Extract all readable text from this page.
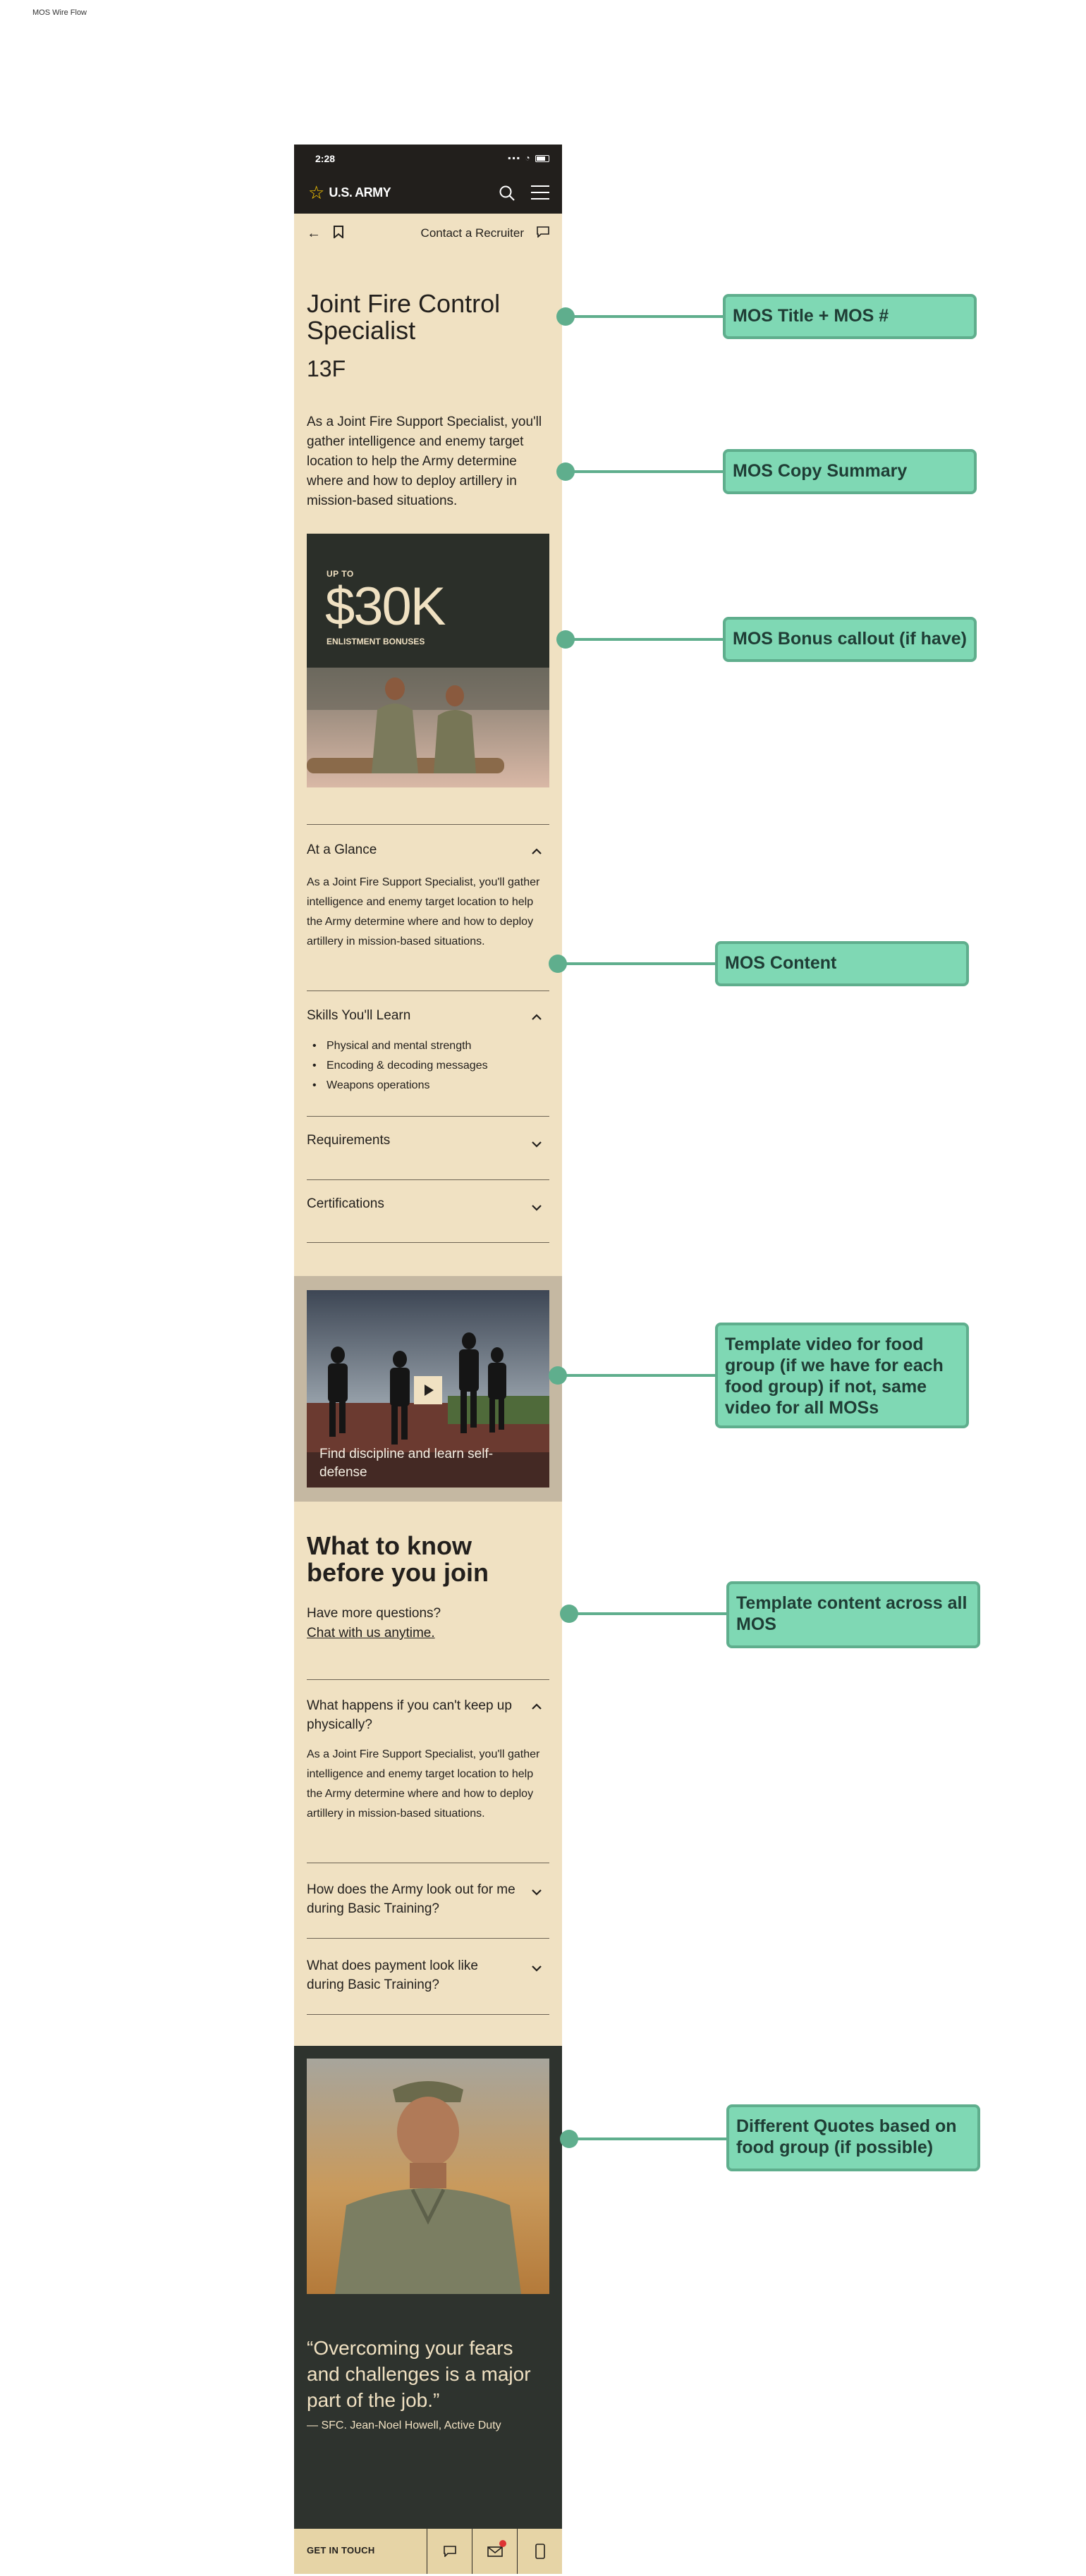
MOS Wire Flow
2:28	▪▪▪ ◔
☆ U.S. ARMY
←	Contact a Recruiter
Joint Fire Control Specialist
13F

As a Joint Fire Support Specialist, you'll gather intelligence and enemy target location to help the Army determine where and how to deploy artillery in mission-based situations.

UP TO
$30K
ENLISTMENT BONUSES
At a Glance

As a Joint Fire Support Specialist, you'll gather intelligence and enemy target location to help the Army determine where and how to deploy artillery in mission-based situations.

Skills You'll Learn
• Physical and mental strength
• Encoding & decoding messages
• Weapons operations
Requirements
Certifications

Find discipline and learn self-defense

What to know before you join

Have more questions?

Chat with us anytime.
What happens if you can't keep up physically?

As a Joint Fire Support Specialist, you'll gather intelligence and enemy target location to help the Army determine where and how to deploy artillery in mission-based situations.

How does the Army look out for me during Basic Training?
What does payment look like during Basic Training?

“Overcoming your fears and challenges is a major part of the job.”

— SFC. Jean-Noel Howell, Active Duty

GET IN TOUCH
MOS Title + MOS #
MOS Copy Summary
MOS Bonus callout (if have)
MOS Content
Template video for food group (if we have for each food group) if not, same video for all MOSs
Template content across all MOS
Different Quotes based on food group (if possible)
